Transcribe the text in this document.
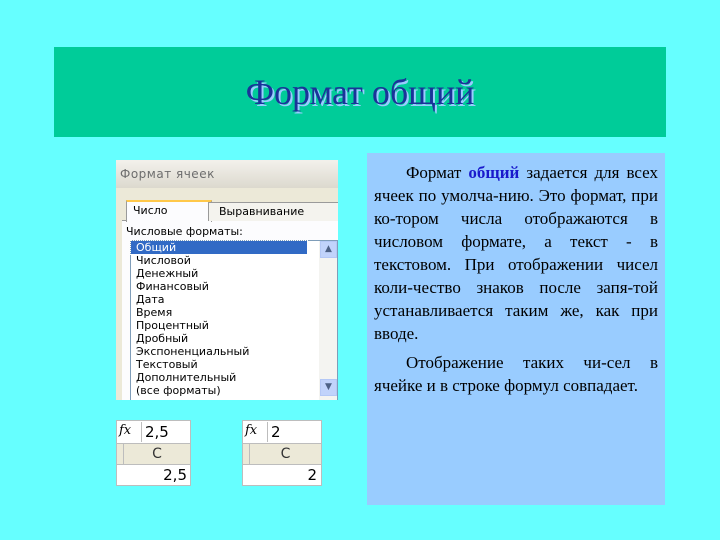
Формат общий
Формат ячеек
Число	Выравнивание
Числовые форматы:
Общий
Числовой
Денежный
Финансовый
Дата
Время
Процентный
Дробный
Экспоненциальный
Текстовый
Дополнительный
(все форматы)
▲
▼
fx 2,5
C
2,5
fx 2
C
2

Формат общий задается для всех ячеек по умолча-нию. Это формат, при ко-тором числа отображаются в числовом формате, а текст - в текстовом. При отображении чисел коли-чество знаков после запя-той устанавливается таким же, как при вводе.

Отображение таких чи-сел в ячейке и в строке формул совпадает.
